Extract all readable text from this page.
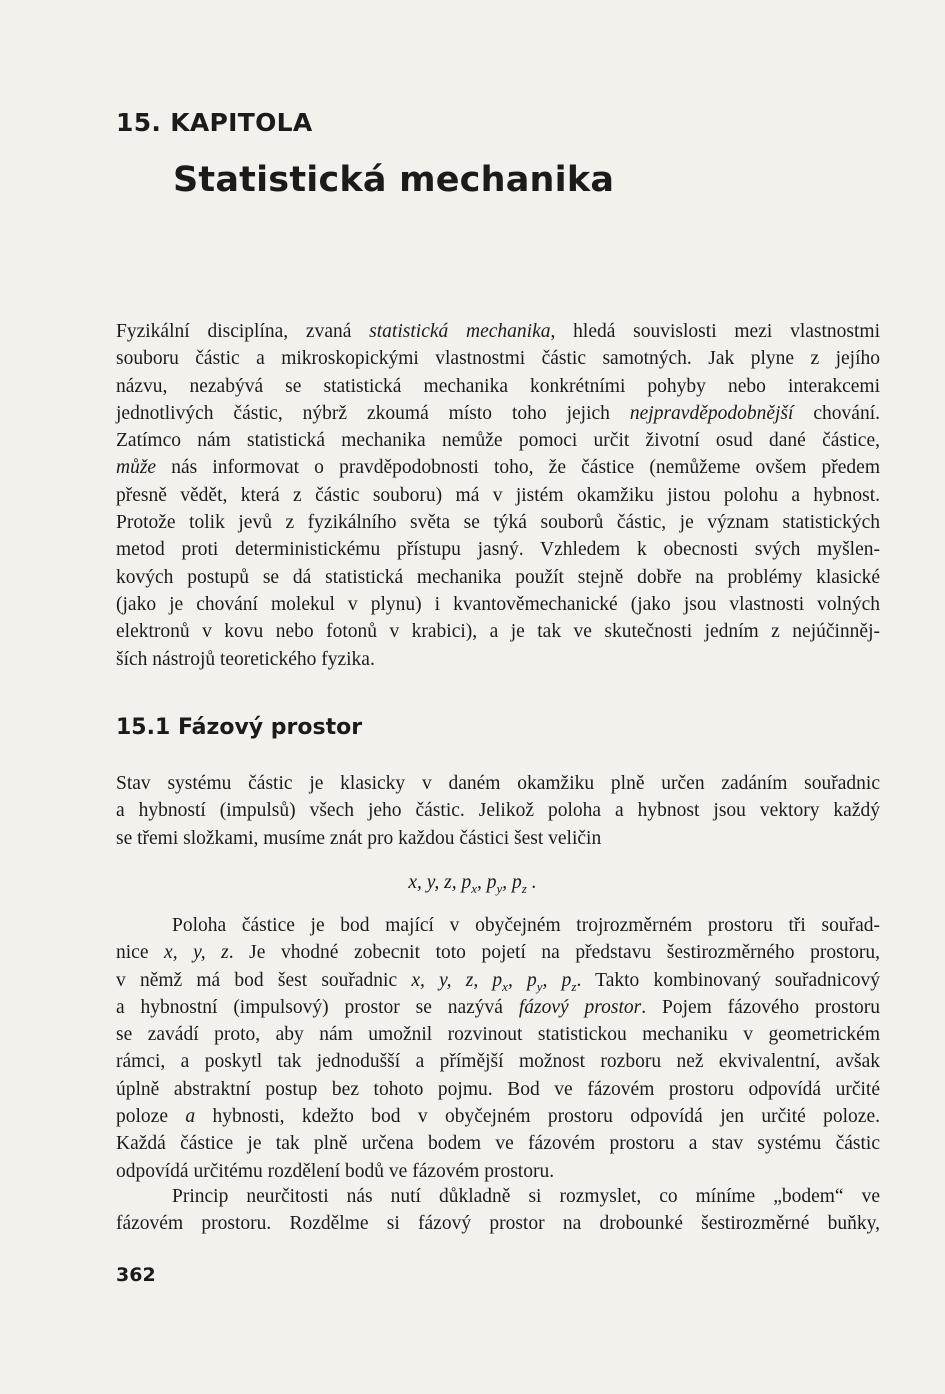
15. KAPITOLA
Statistická mechanika
Fyzikální disciplína, zvaná statistická mechanika, hledá souvislosti mezi vlastnostmi
souboru částic a mikroskopickými vlastnostmi částic samotných. Jak plyne z jejího
názvu, nezabývá se statistická mechanika konkrétními pohyby nebo interakcemi
jednotlivých částic, nýbrž zkoumá místo toho jejich nejpravděpodobnější chování.
Zatímco nám statistická mechanika nemůže pomoci určit životní osud dané částice,
může nás informovat o pravděpodobnosti toho, že částice (nemůžeme ovšem předem
přesně vědět, která z částic souboru) má v jistém okamžiku jistou polohu a hybnost.
Protože tolik jevů z fyzikálního světa se týká souborů částic, je význam statistických
metod proti deterministickému přístupu jasný. Vzhledem k obecnosti svých myšlen-
kových postupů se dá statistická mechanika použít stejně dobře na problémy klasické
(jako je chování molekul v plynu) i kvantověmechanické (jako jsou vlastnosti volných
elektronů v kovu nebo fotonů v krabici), a je tak ve skutečnosti jedním z nejúčinněj-
ších nástrojů teoretického fyzika.
15.1 Fázový prostor
Stav systému částic je klasicky v daném okamžiku plně určen zadáním souřadnic
a hybností (impulsů) všech jeho částic. Jelikož poloha a hybnost jsou vektory každý
se třemi složkami, musíme znát pro každou částici šest veličin

x, y, z, $p_x$, $p_y$, $p_z$ .

Poloha částice je bod mající v obyčejném trojrozměrném prostoru tři souřad-
nice x, y, z. Je vhodné zobecnit toto pojetí na představu šestirozměrného prostoru,
v němž má bod šest souřadnic x, y, z, $p_x$, $p_y$, $p_z$. Takto kombinovaný souřadnicový
a hybnostní (impulsový) prostor se nazývá fázový prostor. Pojem fázového prostoru
se zavádí proto, aby nám umožnil rozvinout statistickou mechaniku v geometrickém
rámci, a poskytl tak jednodušší a přímější možnost rozboru než ekvivalentní, avšak
úplně abstraktní postup bez tohoto pojmu. Bod ve fázovém prostoru odpovídá určité
poloze a hybnosti, kdežto bod v obyčejném prostoru odpovídá jen určité poloze.
Každá částice je tak plně určena bodem ve fázovém prostoru a stav systému částic
odpovídá určitému rozdělení bodů ve fázovém prostoru.
Princip neurčitosti nás nutí důkladně si rozmyslet, co míníme „bodem“ ve
fázovém prostoru. Rozdělme si fázový prostor na drobounké šestirozměrné buňky,

362
